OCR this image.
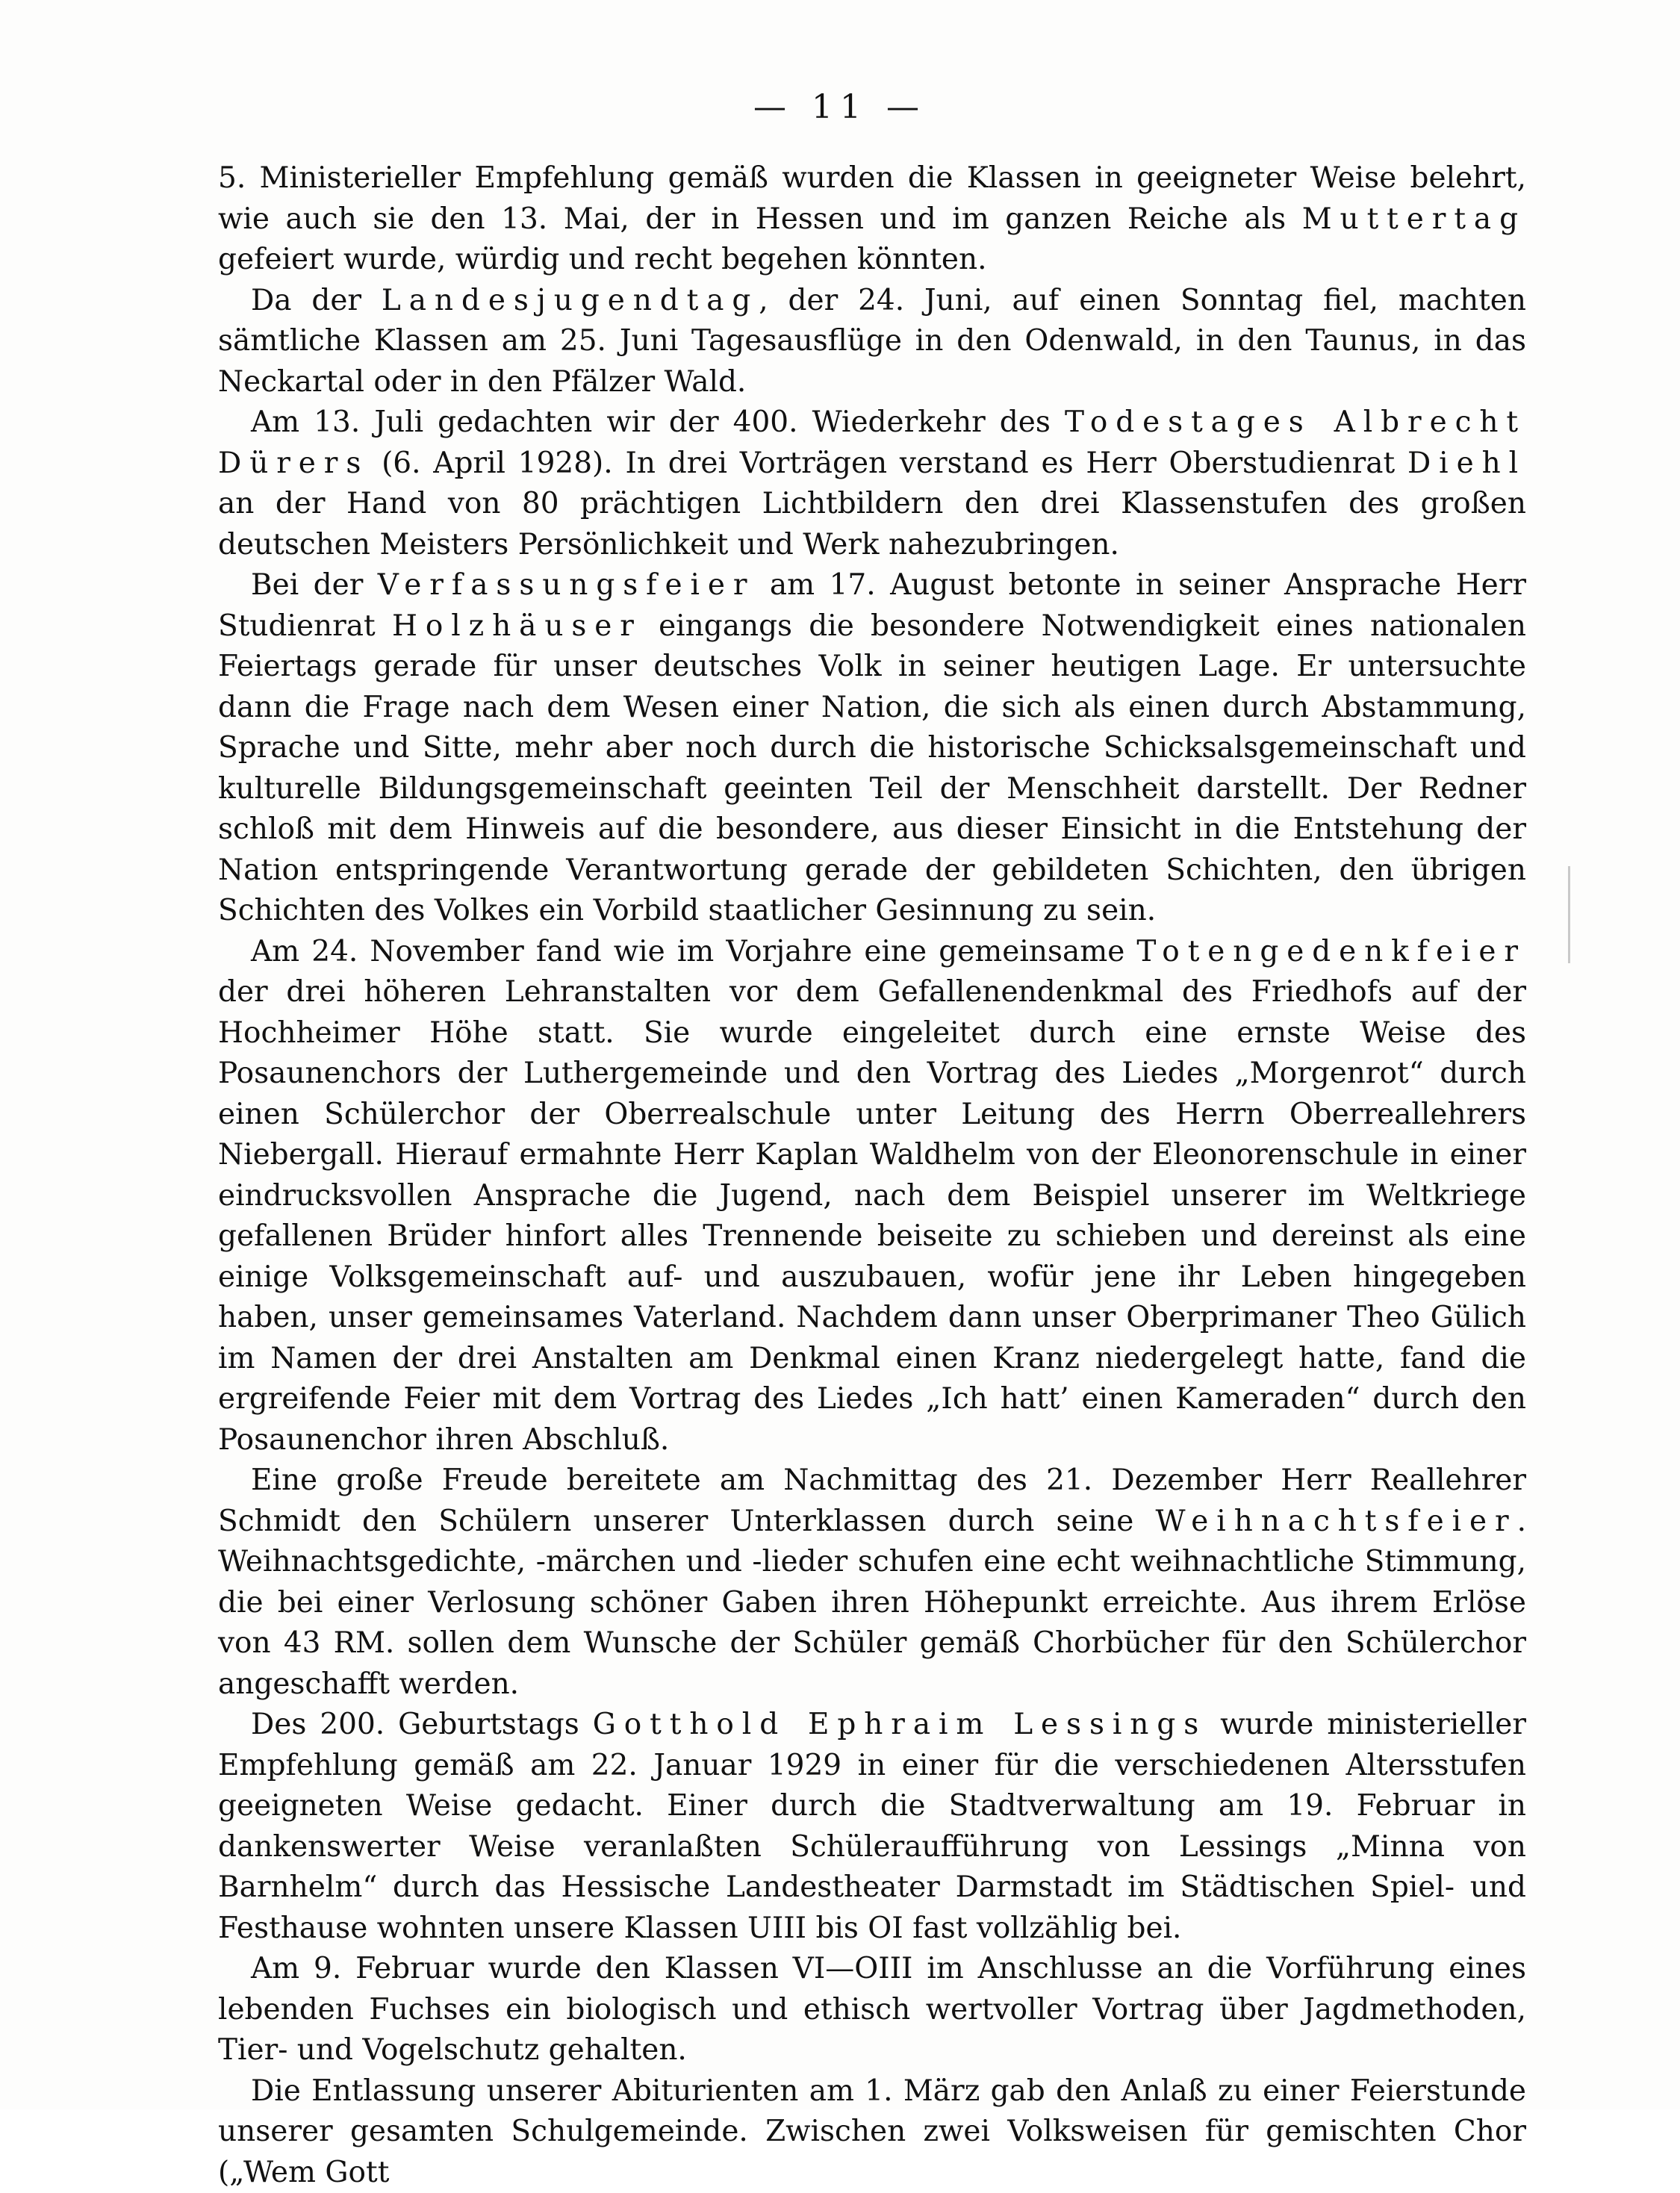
— 11 —

5. Ministerieller Empfehlung gemäß wurden die Klassen in geeigneter Weise belehrt, wie auch sie den 13. Mai, der in Hessen und im ganzen Reiche als Muttertag gefeiert wurde, würdig und recht begehen könnten.

Da der Landesjugendtag, der 24. Juni, auf einen Sonntag fiel, machten sämtliche Klassen am 25. Juni Tagesausflüge in den Odenwald, in den Taunus, in das Neckartal oder in den Pfälzer Wald.

Am 13. Juli gedachten wir der 400. Wiederkehr des Todestages Albrecht Dürers (6. April 1928). In drei Vorträgen verstand es Herr Oberstudienrat Diehl an der Hand von 80 prächtigen Lichtbildern den drei Klassenstufen des großen deutschen Meisters Persönlichkeit und Werk nahezubringen.

Bei der Verfassungsfeier am 17. August betonte in seiner Ansprache Herr Studienrat Holzhäuser eingangs die besondere Notwendigkeit eines nationalen Feiertags gerade für unser deutsches Volk in seiner heutigen Lage. Er untersuchte dann die Frage nach dem Wesen einer Nation, die sich als einen durch Abstammung, Sprache und Sitte, mehr aber noch durch die historische Schicksalsgemeinschaft und kulturelle Bildungsgemeinschaft geeinten Teil der Menschheit darstellt. Der Redner schloß mit dem Hinweis auf die besondere, aus dieser Einsicht in die Entstehung der Nation entspringende Verantwortung gerade der gebildeten Schichten, den übrigen Schichten des Volkes ein Vorbild staatlicher Gesinnung zu sein.

Am 24. November fand wie im Vorjahre eine gemeinsame Totengedenkfeier der drei höheren Lehranstalten vor dem Gefallenendenkmal des Friedhofs auf der Hochheimer Höhe statt. Sie wurde eingeleitet durch eine ernste Weise des Posaunenchors der Luthergemeinde und den Vortrag des Liedes „Morgenrot“ durch einen Schülerchor der Oberrealschule unter Leitung des Herrn Oberreallehrers Niebergall. Hierauf ermahnte Herr Kaplan Waldhelm von der Eleonorenschule in einer eindrucksvollen Ansprache die Jugend, nach dem Beispiel unserer im Weltkriege gefallenen Brüder hinfort alles Trennende beiseite zu schieben und dereinst als eine einige Volksgemeinschaft auf- und auszubauen, wofür jene ihr Leben hingegeben haben, unser gemeinsames Vaterland. Nachdem dann unser Oberprimaner Theo Gülich im Namen der drei Anstalten am Denkmal einen Kranz niedergelegt hatte, fand die ergreifende Feier mit dem Vortrag des Liedes „Ich hatt’ einen Kameraden“ durch den Posaunenchor ihren Abschluß.

Eine große Freude bereitete am Nachmittag des 21. Dezember Herr Reallehrer Schmidt den Schülern unserer Unterklassen durch seine Weihnachtsfeier. Weihnachtsgedichte, -märchen und -lieder schufen eine echt weihnachtliche Stimmung, die bei einer Verlosung schöner Gaben ihren Höhepunkt erreichte. Aus ihrem Erlöse von 43 RM. sollen dem Wunsche der Schüler gemäß Chorbücher für den Schülerchor angeschafft werden.

Des 200. Geburtstags Gotthold Ephraim Lessings wurde ministerieller Empfehlung gemäß am 22. Januar 1929 in einer für die verschiedenen Altersstufen geeigneten Weise gedacht. Einer durch die Stadtverwaltung am 19. Februar in dankenswerter Weise veranlaßten Schüleraufführung von Lessings „Minna von Barnhelm“ durch das Hessische Landestheater Darmstadt im Städtischen Spiel- und Festhause wohnten unsere Klassen UIII bis OI fast vollzählig bei.

Am 9. Februar wurde den Klassen VI—OIII im Anschlusse an die Vorführung eines lebenden Fuchses ein biologisch und ethisch wertvoller Vortrag über Jagdmethoden, Tier- und Vogelschutz gehalten.

Die Entlassung unserer Abiturienten am 1. März gab den Anlaß zu einer Feierstunde unserer gesamten Schulgemeinde. Zwischen zwei Volksweisen für gemischten Chor („Wem Gott
